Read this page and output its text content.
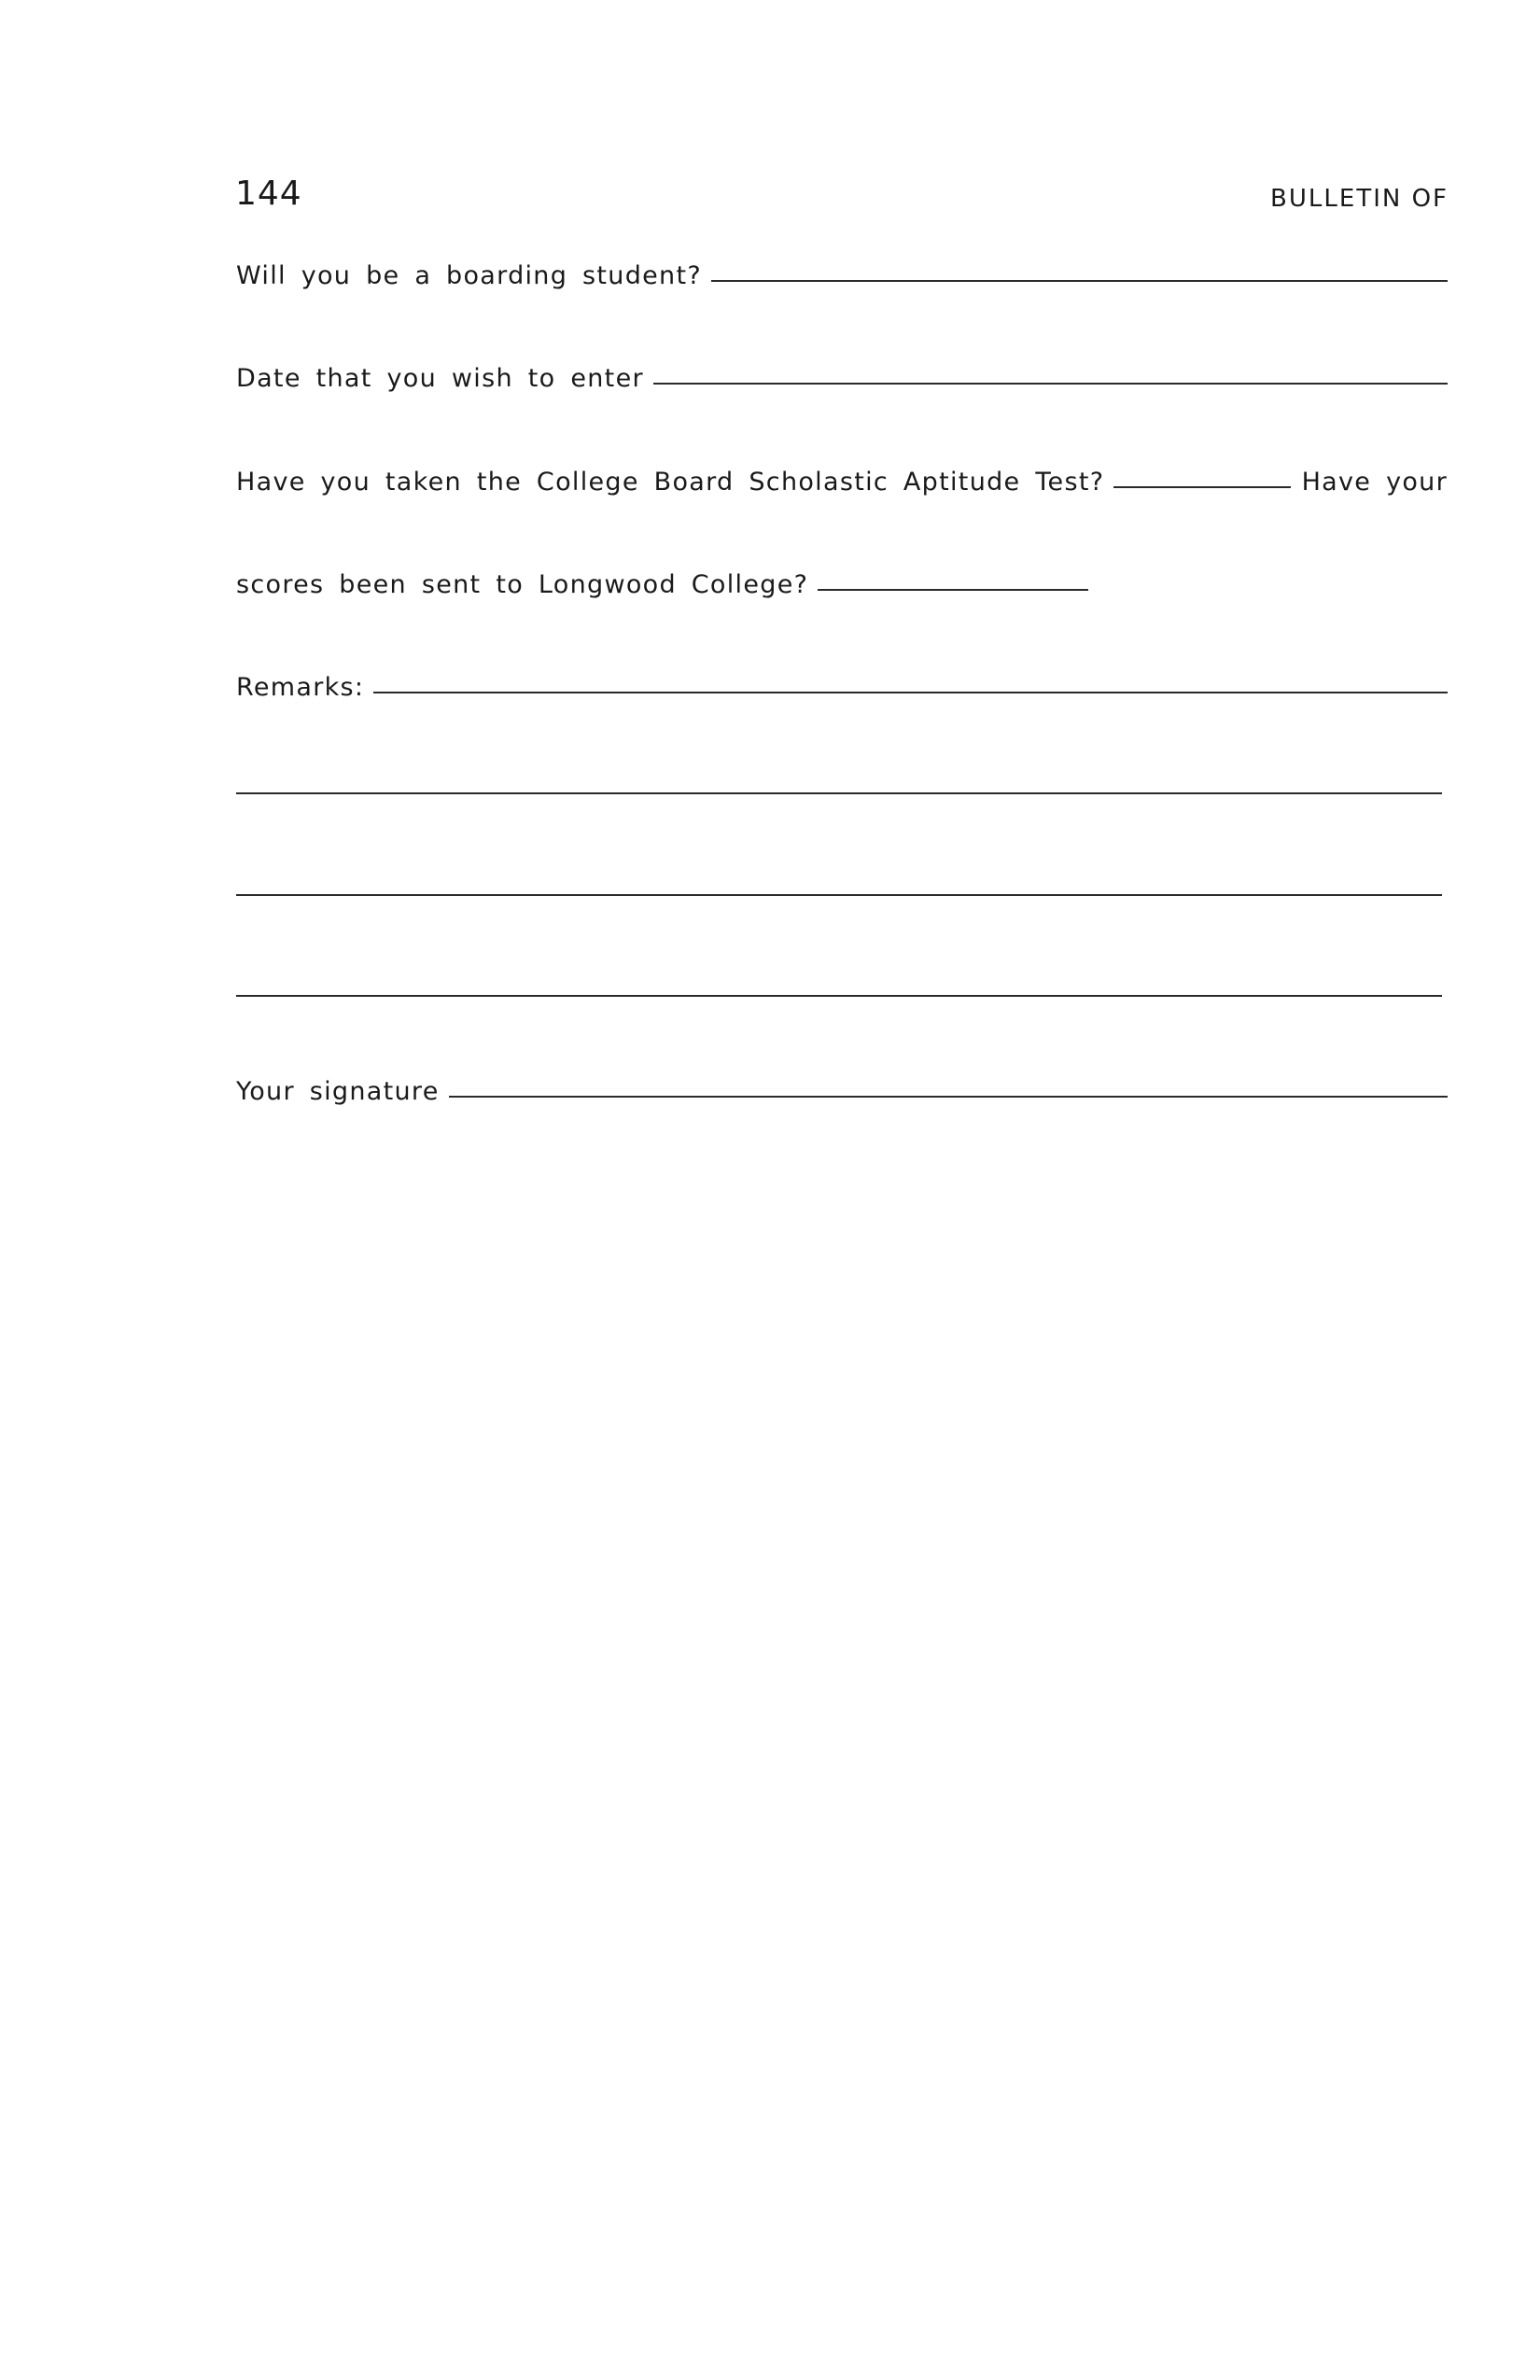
144	BULLETIN OF
Will you be a boarding student?
Date that you wish to enter
Have you taken the College Board Scholastic Aptitude Test?	Have your
scores been sent to Longwood College?
Remarks:
Your signature
